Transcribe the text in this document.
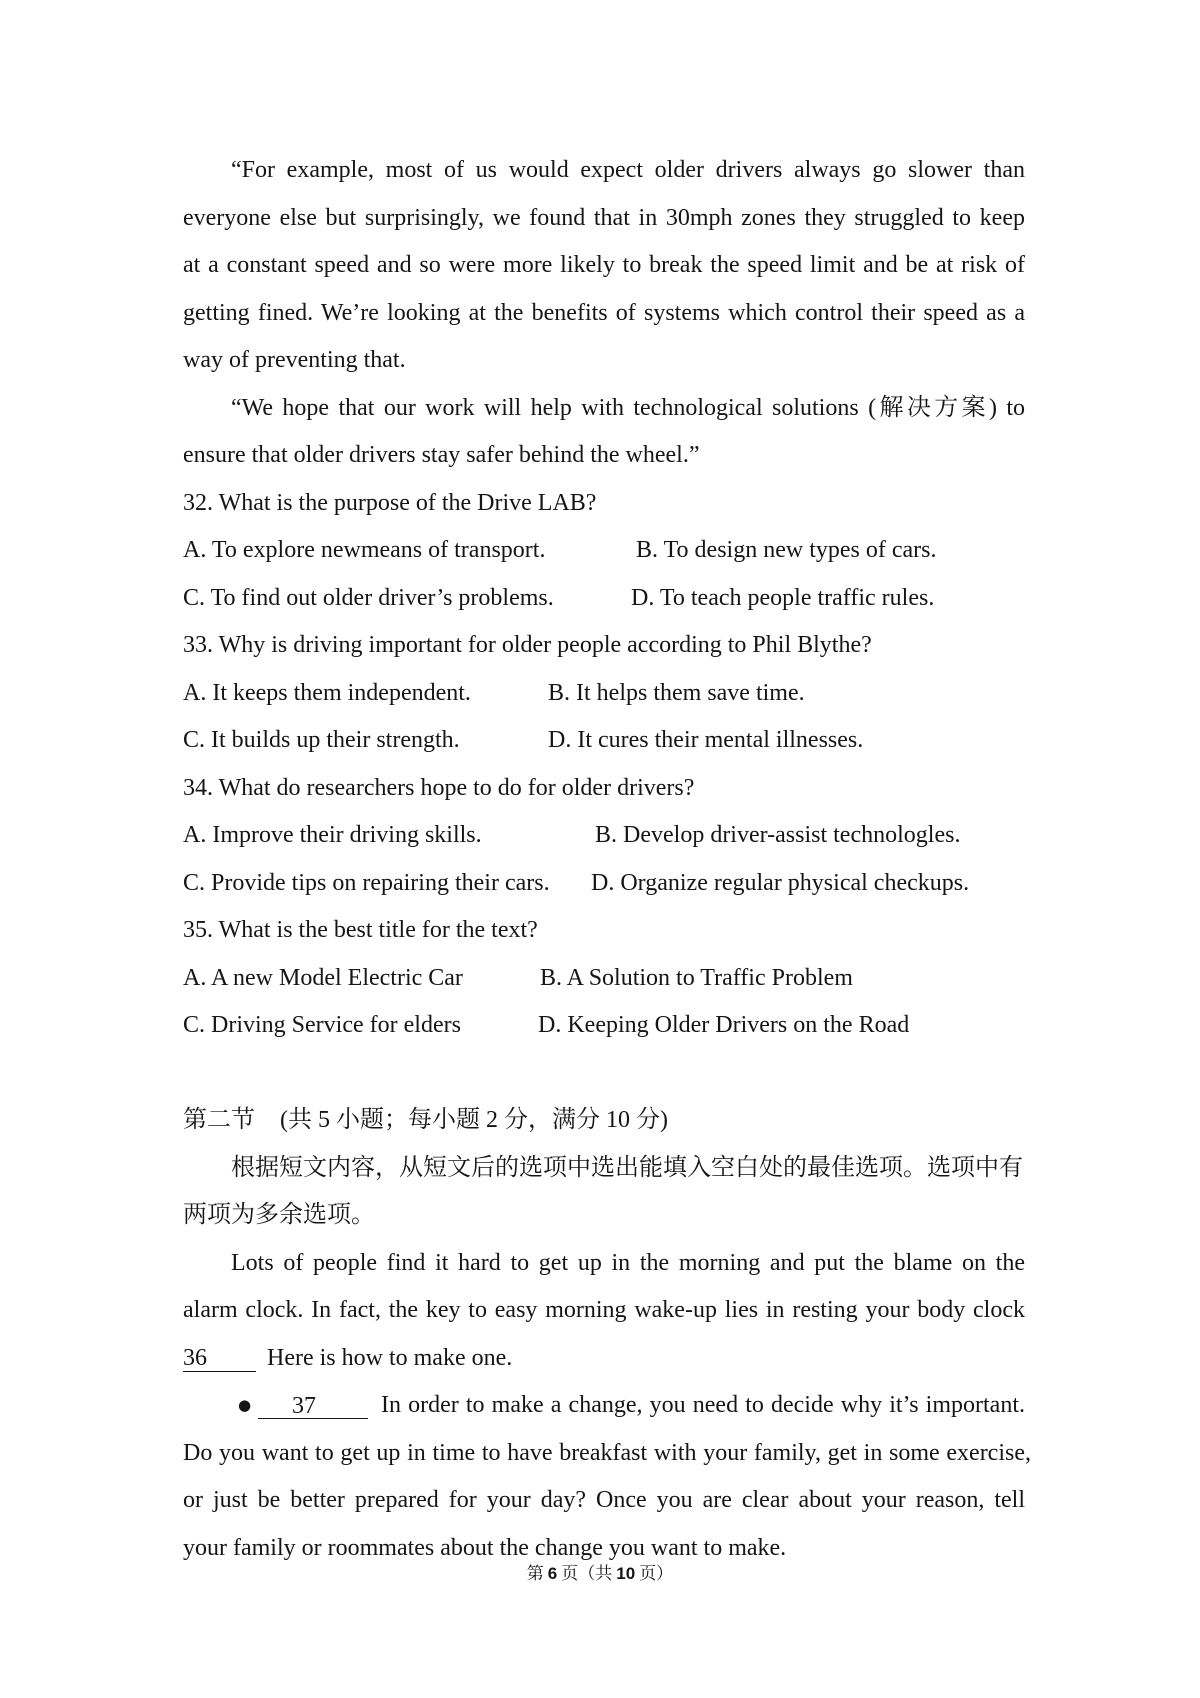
“For example, most of us would expect older drivers always go slower than
everyone else but surprisingly, we found that in 30mph zones they struggled to keep
at a constant speed and so were more likely to break the speed limit and be at risk of
getting fined. We’re looking at the benefits of systems which control their speed as a
way of preventing that.
“We hope that our work will help with technological solutions (解决方案) to
ensure that older drivers stay safer behind the wheel.”
32. What is the purpose of the Drive LAB?
A. To explore newmeans of transport.	B. To design new types of cars.
C. To find out older driver’s problems.	D. To teach people traffic rules.
33. Why is driving important for older people according to Phil Blythe?
A. It keeps them independent.	B. It helps them save time.
C. It builds up their strength.	D. It cures their mental illnesses.
34. What do researchers hope to do for older drivers?
A. Improve their driving skills.	B. Develop driver-assist technologles.
C. Provide tips on repairing their cars. D. Organize regular physical checkups.
35. What is the best title for the text?
A. A new Model Electric Car	B. A Solution to Traffic Problem
C. Driving Service for elders	D. Keeping Older Drivers on the Road
第二节 (共 5 小题；每小题 2 分，满分 10 分)
根据短文内容，从短文后的选项中选出能填入空白处的最佳选项。选项中有
两项为多余选项。
Lots of people find it hard to get up in the morning and put the blame on the
alarm clock. In fact, the key to easy morning wake-up lies in resting your body clock
36	Here is how to make one.
●	37	In order to make a change, you need to decide why it’s important.
Do you want to get up in time to have breakfast with your family, get in some exercise,
or just be better prepared for your day? Once you are clear about your reason, tell
your family or roommates about the change you want to make.
第 6 页（共 10 页）
